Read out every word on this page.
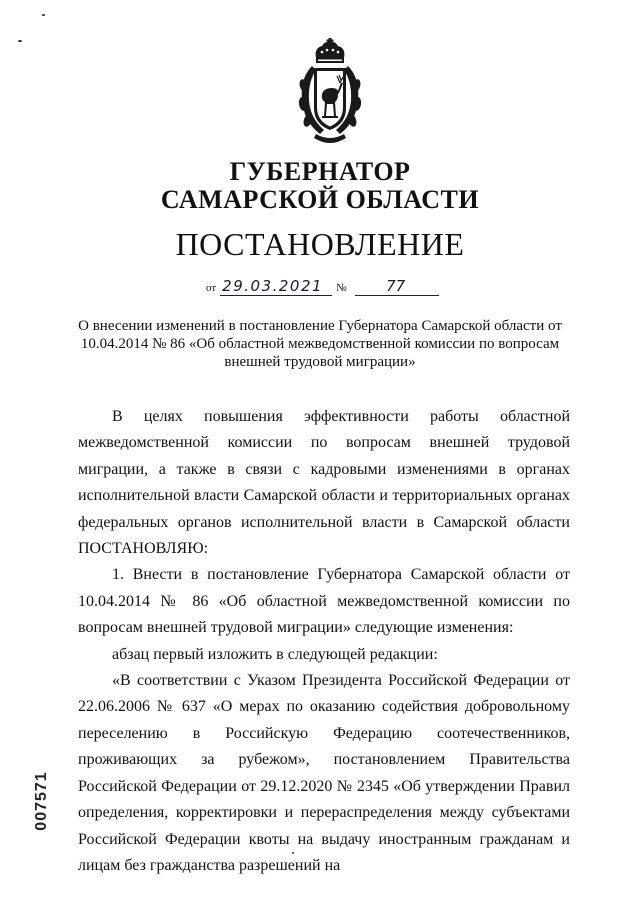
ГУБЕРНАТОР
САМАРСКОЙ ОБЛАСТИ
ПОСТАНОВЛЕНИЕ
от 29.03.2021	№	77
О внесении изменений в постановление Губернатора Самарской области от 10.04.2014 № 86 «Об областной межведомственной комиссии по вопросам внешней трудовой миграции»

В целях повышения эффективности работы областной межведомственной комиссии по вопросам внешней трудовой миграции, а также в связи с кадровыми изменениями в органах исполнительной власти Самарской области и территориальных органах федеральных органов исполнительной власти в Самарской области ПОСТАНОВЛЯЮ:

1. Внести в постановление Губернатора Самарской области от 10.04.2014 № 86 «Об областной межведомственной комиссии по вопросам внешней трудовой миграции» следующие изменения:

абзац первый изложить в следующей редакции:

«В соответствии с Указом Президента Российской Федерации от 22.06.2006 № 637 «О мерах по оказанию содействия добровольному переселению в Российскую Федерацию соотечественников, проживающих за рубежом», постановлением Правительства Российской Федерации от 29.12.2020 № 2345 «Об утверждении Правил определения, корректировки и перераспределения между субъектами Российской Федерации квоты на выдачу иностранным гражданам и лицам без гражданства разрешений на

007571
